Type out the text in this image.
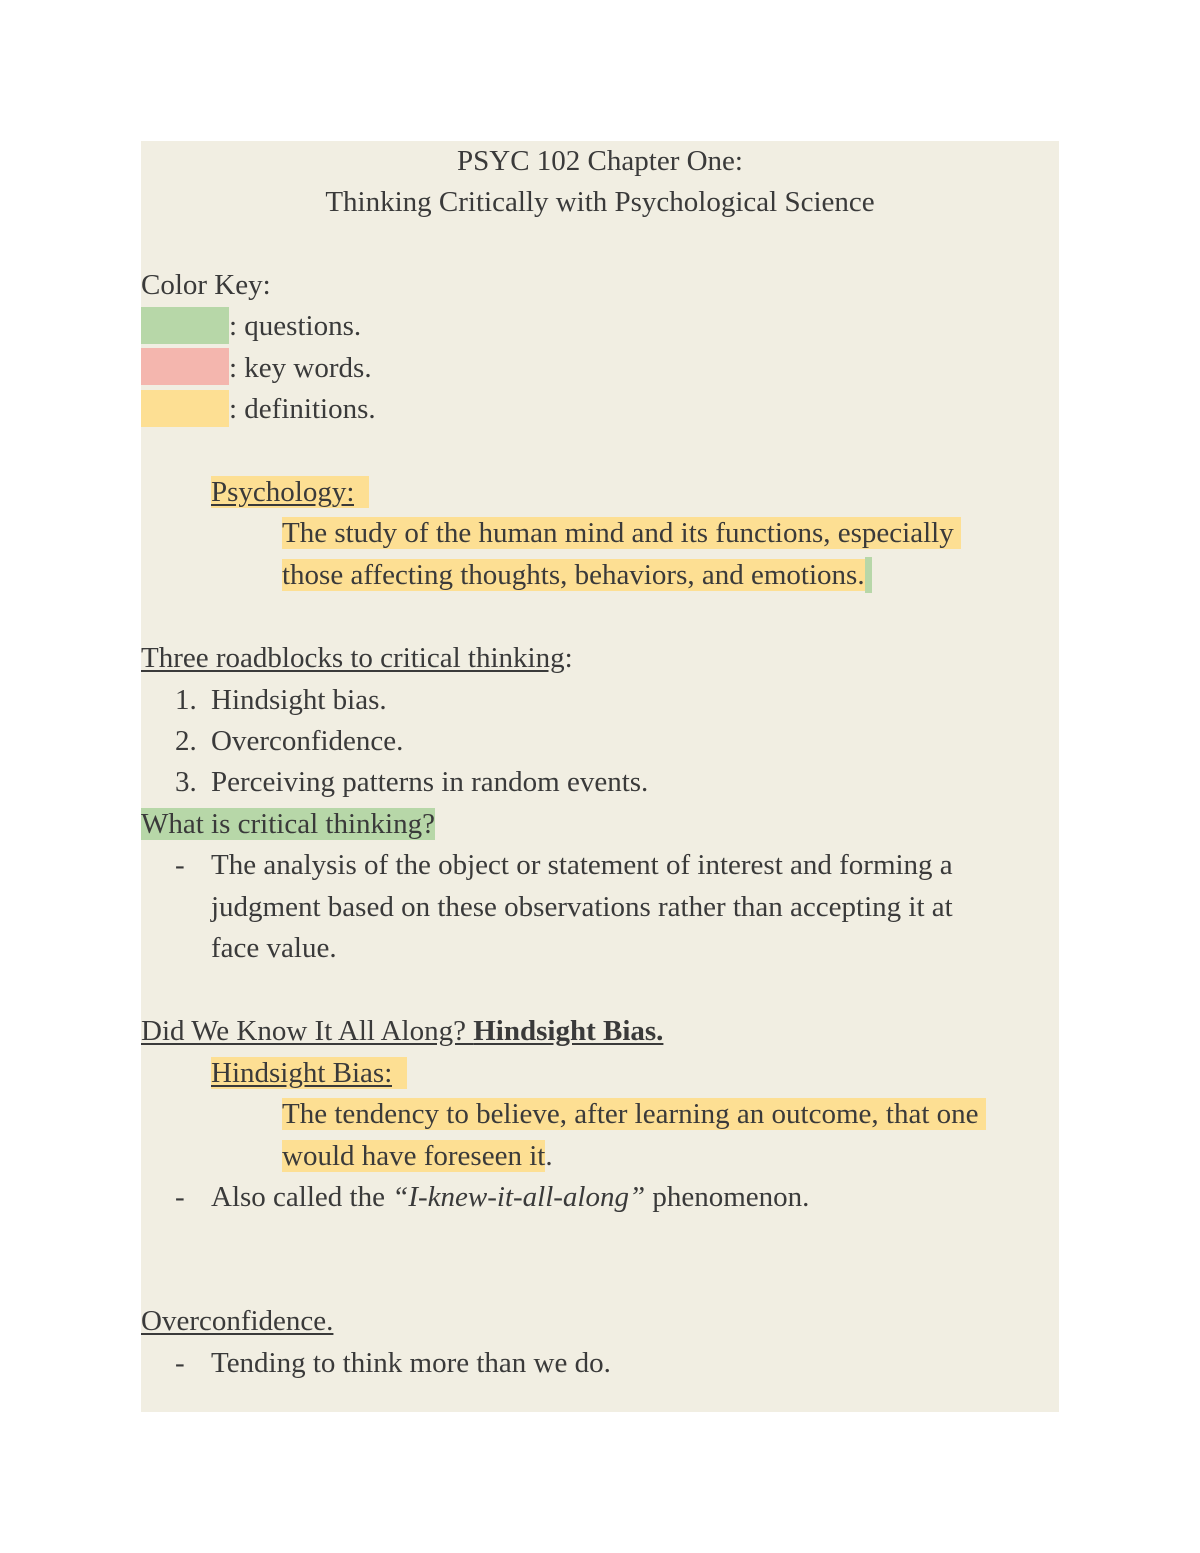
PSYC 102 Chapter One:
Thinking Critically with Psychological Science
Color Key:
: questions.
: key words.
: definitions.
Psychology:
The study of the human mind and its functions, especially
those affecting thoughts, behaviors, and emotions.
Three roadblocks to critical thinking:
1. Hindsight bias.
2. Overconfidence.
3. Perceiving patterns in random events.
What is critical thinking?
- The analysis of the object or statement of interest and forming a
judgment based on these observations rather than accepting it at
face value.
Did We Know It All Along? Hindsight Bias.
Hindsight Bias:
The tendency to believe, after learning an outcome, that one
would have foreseen it.
- Also called the “I-knew-it-all-along” phenomenon.
Overconfidence.
- Tending to think more than we do.
